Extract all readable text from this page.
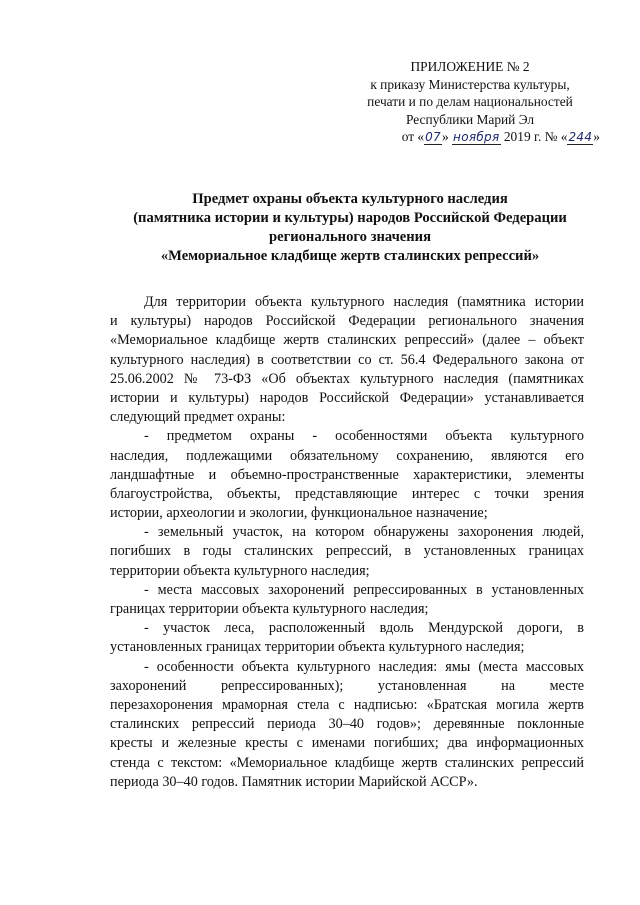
ПРИЛОЖЕНИЕ № 2
к приказу Министерства культуры,
печати и по делам национальностей
Республики Марий Эл
от «07» ноября 2019 г. № «244»
Предмет охраны объекта культурного наследия
(памятника истории и культуры) народов Российской Федерации
регионального значения
«Мемориальное кладбище жертв сталинских репрессий»
Для территории объекта культурного наследия (памятника истории
и культуры) народов Российской Федерации регионального значения
«Мемориальное кладбище жертв сталинских репрессий» (далее – объект
культурного наследия) в соответствии со ст. 56.4 Федерального закона от
25.06.2002 № 73-ФЗ «Об объектах культурного наследия (памятниках
истории и культуры) народов Российской Федерации» устанавливается
следующий предмет охраны:
- предметом охраны - особенностями объекта культурного
наследия, подлежащими обязательному сохранению, являются его
ландшафтные и объемно-пространственные характеристики, элементы
благоустройства, объекты, представляющие интерес с точки зрения
истории, археологии и экологии, функциональное назначение;
- земельный участок, на котором обнаружены захоронения людей,
погибших в годы сталинских репрессий, в установленных границах
территории объекта культурного наследия;
- места массовых захоронений репрессированных в установленных
границах территории объекта культурного наследия;
- участок леса, расположенный вдоль Мендурской дороги, в
установленных границах территории объекта культурного наследия;
- особенности объекта культурного наследия: ямы (места массовых
захоронений репрессированных); установленная на месте
перезахоронения мраморная стела с надписью: «Братская могила жертв
сталинских репрессий периода 30–40 годов»; деревянные поклонные
кресты и железные кресты с именами погибших; два информационных
стенда с текстом: «Мемориальное кладбище жертв сталинских репрессий
периода 30–40 годов. Памятник истории Марийской АССР».
